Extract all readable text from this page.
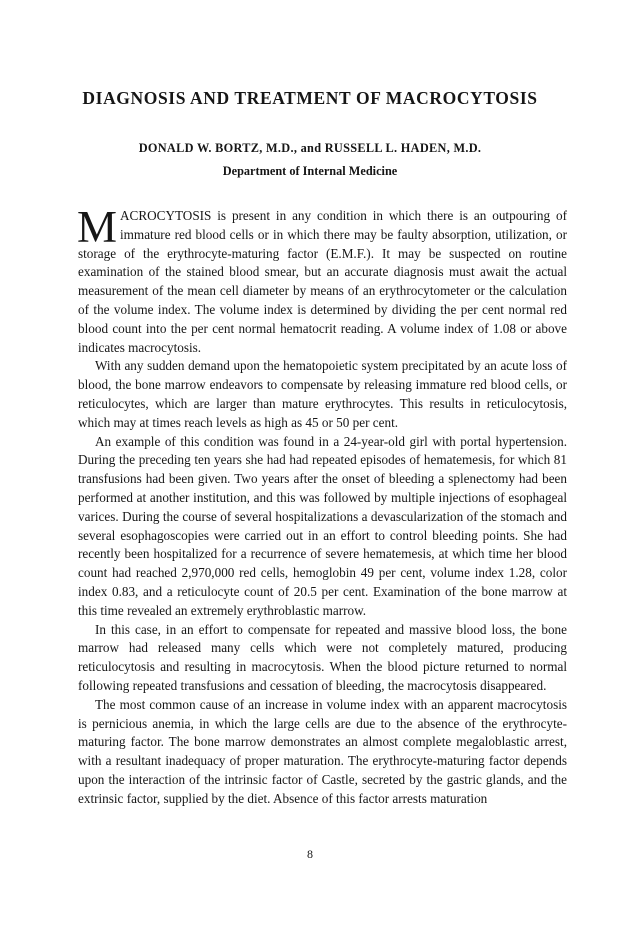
DIAGNOSIS AND TREATMENT OF MACROCYTOSIS
DONALD W. BORTZ, M.D., and RUSSELL L. HADEN, M.D.
Department of Internal Medicine

MACROCYTOSIS is present in any condition in which there is an outpouring of immature red blood cells or in which there may be faulty absorption, utilization, or storage of the erythrocyte-maturing factor (E.M.F.). It may be suspected on routine examination of the stained blood smear, but an accurate diagnosis must await the actual measurement of the mean cell diameter by means of an erythrocytometer or the calculation of the volume index. The volume index is determined by dividing the per cent normal red blood count into the per cent normal hematocrit reading. A volume index of 1.08 or above indicates macrocytosis.

With any sudden demand upon the hematopoietic system precipitated by an acute loss of blood, the bone marrow endeavors to compensate by releasing immature red blood cells, or reticulocytes, which are larger than mature erythrocytes. This results in reticulocytosis, which may at times reach levels as high as 45 or 50 per cent.

An example of this condition was found in a 24-year-old girl with portal hypertension. During the preceding ten years she had had repeated episodes of hematemesis, for which 81 transfusions had been given. Two years after the onset of bleeding a splenectomy had been performed at another institution, and this was followed by multiple injections of esophageal varices. During the course of several hospitalizations a devascularization of the stomach and several esophagoscopies were carried out in an effort to control bleeding points. She had recently been hospitalized for a recurrence of severe hematemesis, at which time her blood count had reached 2,970,000 red cells, hemoglobin 49 per cent, volume index 1.28, color index 0.83, and a reticulocyte count of 20.5 per cent. Examination of the bone marrow at this time revealed an extremely erythroblastic marrow.

In this case, in an effort to compensate for repeated and massive blood loss, the bone marrow had released many cells which were not completely matured, producing reticulocytosis and resulting in macrocytosis. When the blood picture returned to normal following repeated transfusions and cessation of bleeding, the macrocytosis disappeared.

The most common cause of an increase in volume index with an apparent macrocytosis is pernicious anemia, in which the large cells are due to the absence of the erythrocyte-maturing factor. The bone marrow demonstrates an almost complete megaloblastic arrest, with a resultant inadequacy of proper maturation. The erythrocyte-maturing factor depends upon the interaction of the intrinsic factor of Castle, secreted by the gastric glands, and the extrinsic factor, supplied by the diet. Absence of this factor arrests maturation

8
